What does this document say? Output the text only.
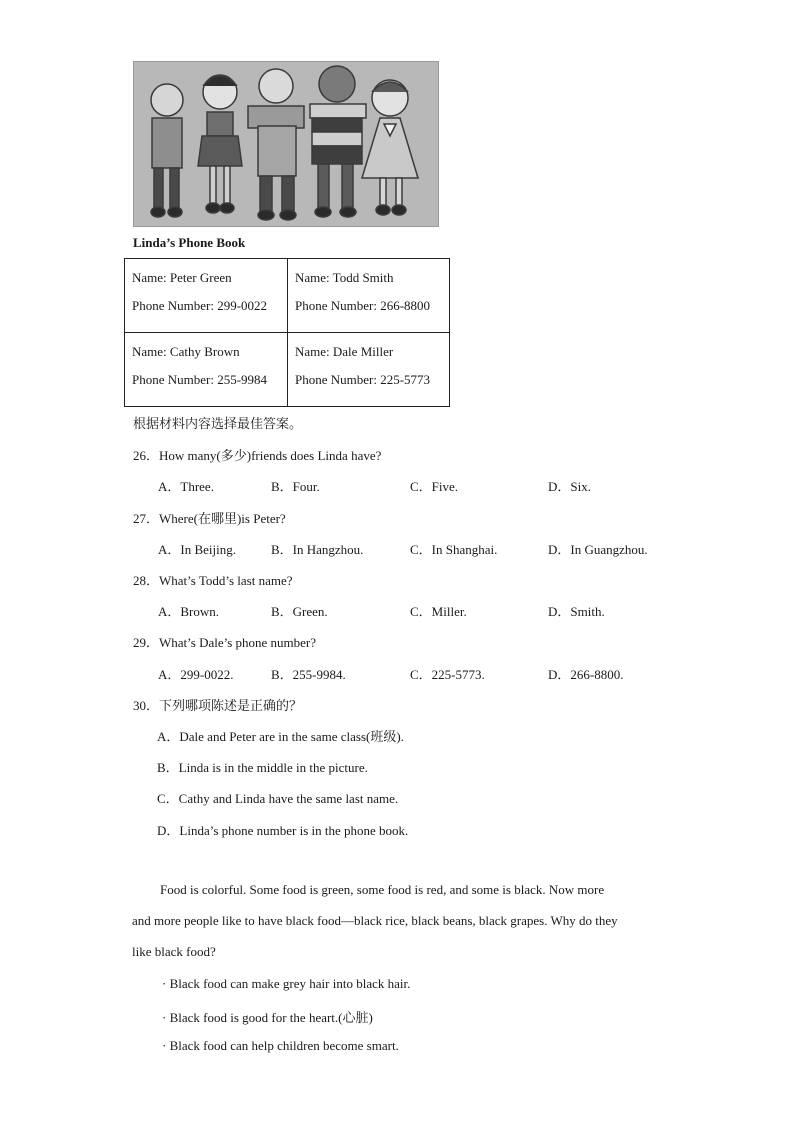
Linda’s Phone Book
Name: Peter Green
Phone Number: 299-0022	Name: Todd Smith
Phone Number: 266-8800

Name: Cathy Brown
Phone Number: 255-9984	Name: Dale Miller
Phone Number: 225-5773
根据材料内容选择最佳答案。
26．How many(多少)friends does Linda have?
A．Three.	B．Four.	C．Five.	D．Six.
27．Where(在哪里)is Peter?
A．In Beijing.	B．In Hangzhou.	C．In Shanghai.	D．In Guangzhou.
28．What’s Todd’s last name?
A．Brown.	B．Green.	C．Miller.	D．Smith.
29．What’s Dale’s phone number?
A．299-0022.	B．255-9984.	C．225-5773.	D．266-8800.
30．下列哪项陈述是正确的？
A．Dale and Peter are in the same class(班级).
B．Linda is in the middle in the picture.
C．Cathy and Linda have the same last name.
D．Linda’s phone number is in the phone book.
Food is colorful. Some food is green, some food is red, and some is black. Now more
and more people like to have black food—black rice, black beans, black grapes. Why do they
like black food?
· Black food can make grey hair into black hair.
· Black food is good for the heart.(心脏)
· Black food can help children become smart.
